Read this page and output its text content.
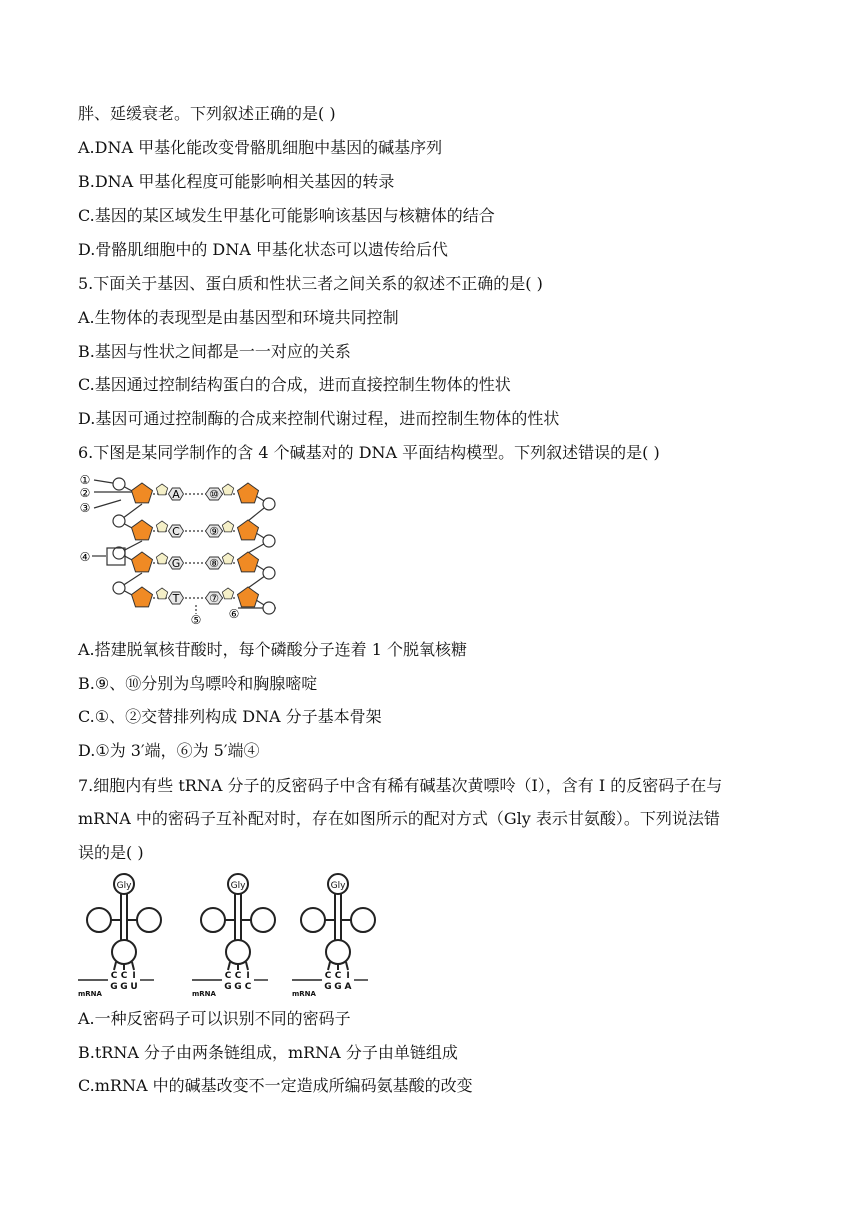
胖、延缓衰老。下列叙述正确的是( )
A.DNA 甲基化能改变骨骼肌细胞中基因的碱基序列
B.DNA 甲基化程度可能影响相关基因的转录
C.基因的某区域发生甲基化可能影响该基因与核糖体的结合
D.骨骼肌细胞中的 DNA 甲基化状态可以遗传给后代
5.下面关于基因、蛋白质和性状三者之间关系的叙述不正确的是( )
A.生物体的表现型是由基因型和环境共同控制
B.基因与性状之间都是一一对应的关系
C.基因通过控制结构蛋白的合成，进而直接控制生物体的性状
D.基因可通过控制酶的合成来控制代谢过程，进而控制生物体的性状
6.下图是某同学制作的含 4 个碱基对的 DNA 平面结构模型。下列叙述错误的是( )
A	⑩
C	⑨
G	⑧
T	⑦
①
②
③
④
⑤ ⑥
A.搭建脱氧核苷酸时，每个磷酸分子连着 1 个脱氧核糖
B.⑨、⑩分别为鸟嘌呤和胸腺嘧啶
C.①、②交替排列构成 DNA 分子基本骨架
D.①为 3′端，⑥为 5′端④
7.细胞内有些 tRNA 分子的反密码子中含有稀有碱基次黄嘌呤（I），含有 I 的反密码子在与
mRNA 中的密码子互补配对时，存在如图所示的配对方式（Gly 表示甘氨酸）。下列说法错
误的是( )
Gly
C C I
G G U
mRNA
Gly
C C I
G G C
mRNA
Gly
C C I
G G A
mRNA
A.一种反密码子可以识别不同的密码子
B.tRNA 分子由两条链组成，mRNA 分子由单链组成
C.mRNA 中的碱基改变不一定造成所编码氨基酸的改变
